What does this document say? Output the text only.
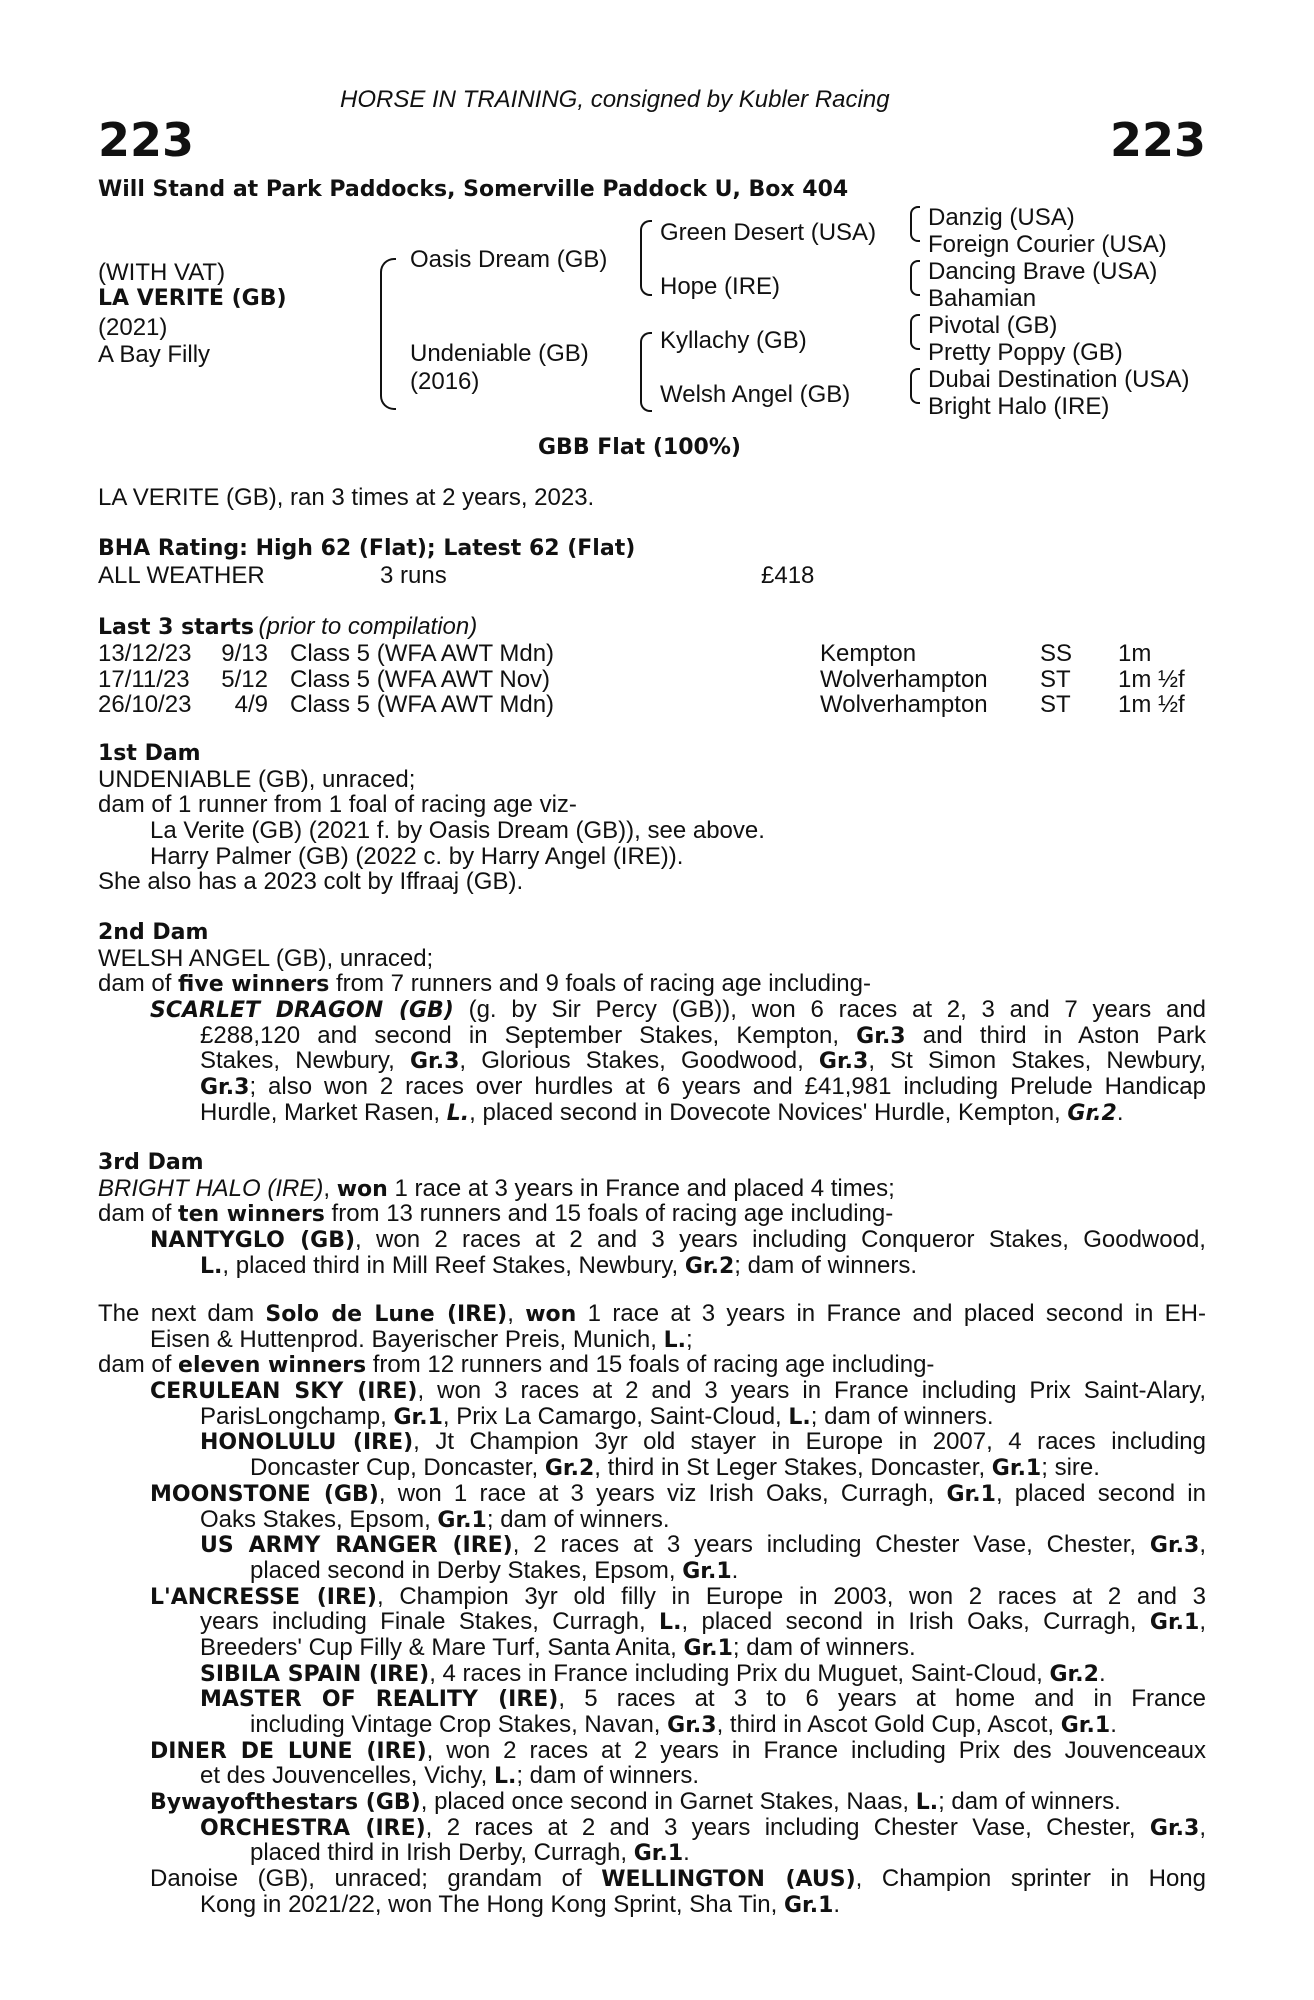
HORSE IN TRAINING, consigned by Kubler Racing
223	223
Will Stand at Park Paddocks, Somerville Paddock U, Box 404
(WITH VAT)
LA VERITE (GB)
(2021)
A Bay Filly
Oasis Dream (GB)
Undeniable (GB)
(2016)
Green Desert (USA)
Hope (IRE)
Kyllachy (GB)
Welsh Angel (GB)
Danzig (USA)
Foreign Courier (USA)
Dancing Brave (USA)
Bahamian
Pivotal (GB)
Pretty Poppy (GB)
Dubai Destination (USA)
Bright Halo (IRE)
GBB Flat (100%)
LA VERITE (GB), ran 3 times at 2 years, 2023.
BHA Rating: High 62 (Flat); Latest 62 (Flat)
ALL WEATHER	3 runs	£418
Last 3 starts (prior to compilation)
13/12/23 9/13 Class 5 (WFA AWT Mdn)	Kempton	SS 1m
17/11/23 5/12 Class 5 (WFA AWT Nov)	Wolverhampton ST 1m ½f
26/10/23 4/9 Class 5 (WFA AWT Mdn)	Wolverhampton ST 1m ½f
1st Dam
UNDENIABLE (GB), unraced;
dam of 1 runner from 1 foal of racing age viz-
La Verite (GB) (2021 f. by Oasis Dream (GB)), see above.
Harry Palmer (GB) (2022 c. by Harry Angel (IRE)).
She also has a 2023 colt by Iffraaj (GB).
2nd Dam
WELSH ANGEL (GB), unraced;
dam of five winners from 7 runners and 9 foals of racing age including-
SCARLET DRAGON (GB) (g. by Sir Percy (GB)), won 6 races at 2, 3 and 7 years and
£288,120 and second in September Stakes, Kempton, Gr.3 and third in Aston Park
Stakes, Newbury, Gr.3, Glorious Stakes, Goodwood, Gr.3, St Simon Stakes, Newbury,
Gr.3; also won 2 races over hurdles at 6 years and £41,981 including Prelude Handicap
Hurdle, Market Rasen, L., placed second in Dovecote Novices' Hurdle, Kempton, Gr.2.
3rd Dam
BRIGHT HALO (IRE), won 1 race at 3 years in France and placed 4 times;
dam of ten winners from 13 runners and 15 foals of racing age including-
NANTYGLO (GB), won 2 races at 2 and 3 years including Conqueror Stakes, Goodwood,
L., placed third in Mill Reef Stakes, Newbury, Gr.2; dam of winners.
The next dam Solo de Lune (IRE), won 1 race at 3 years in France and placed second in EH-
Eisen & Huttenprod. Bayerischer Preis, Munich, L.;
dam of eleven winners from 12 runners and 15 foals of racing age including-
CERULEAN SKY (IRE), won 3 races at 2 and 3 years in France including Prix Saint-Alary,
ParisLongchamp, Gr.1, Prix La Camargo, Saint-Cloud, L.; dam of winners.
HONOLULU (IRE), Jt Champion 3yr old stayer in Europe in 2007, 4 races including
Doncaster Cup, Doncaster, Gr.2, third in St Leger Stakes, Doncaster, Gr.1; sire.
MOONSTONE (GB), won 1 race at 3 years viz Irish Oaks, Curragh, Gr.1, placed second in
Oaks Stakes, Epsom, Gr.1; dam of winners.
US ARMY RANGER (IRE), 2 races at 3 years including Chester Vase, Chester, Gr.3,
placed second in Derby Stakes, Epsom, Gr.1.
L'ANCRESSE (IRE), Champion 3yr old filly in Europe in 2003, won 2 races at 2 and 3
years including Finale Stakes, Curragh, L., placed second in Irish Oaks, Curragh, Gr.1,
Breeders' Cup Filly & Mare Turf, Santa Anita, Gr.1; dam of winners.
SIBILA SPAIN (IRE), 4 races in France including Prix du Muguet, Saint-Cloud, Gr.2.
MASTER OF REALITY (IRE), 5 races at 3 to 6 years at home and in France
including Vintage Crop Stakes, Navan, Gr.3, third in Ascot Gold Cup, Ascot, Gr.1.
DINER DE LUNE (IRE), won 2 races at 2 years in France including Prix des Jouvenceaux
et des Jouvencelles, Vichy, L.; dam of winners.
Bywayofthestars (GB), placed once second in Garnet Stakes, Naas, L.; dam of winners.
ORCHESTRA (IRE), 2 races at 2 and 3 years including Chester Vase, Chester, Gr.3,
placed third in Irish Derby, Curragh, Gr.1.
Danoise (GB), unraced; grandam of WELLINGTON (AUS), Champion sprinter in Hong
Kong in 2021/22, won The Hong Kong Sprint, Sha Tin, Gr.1.
